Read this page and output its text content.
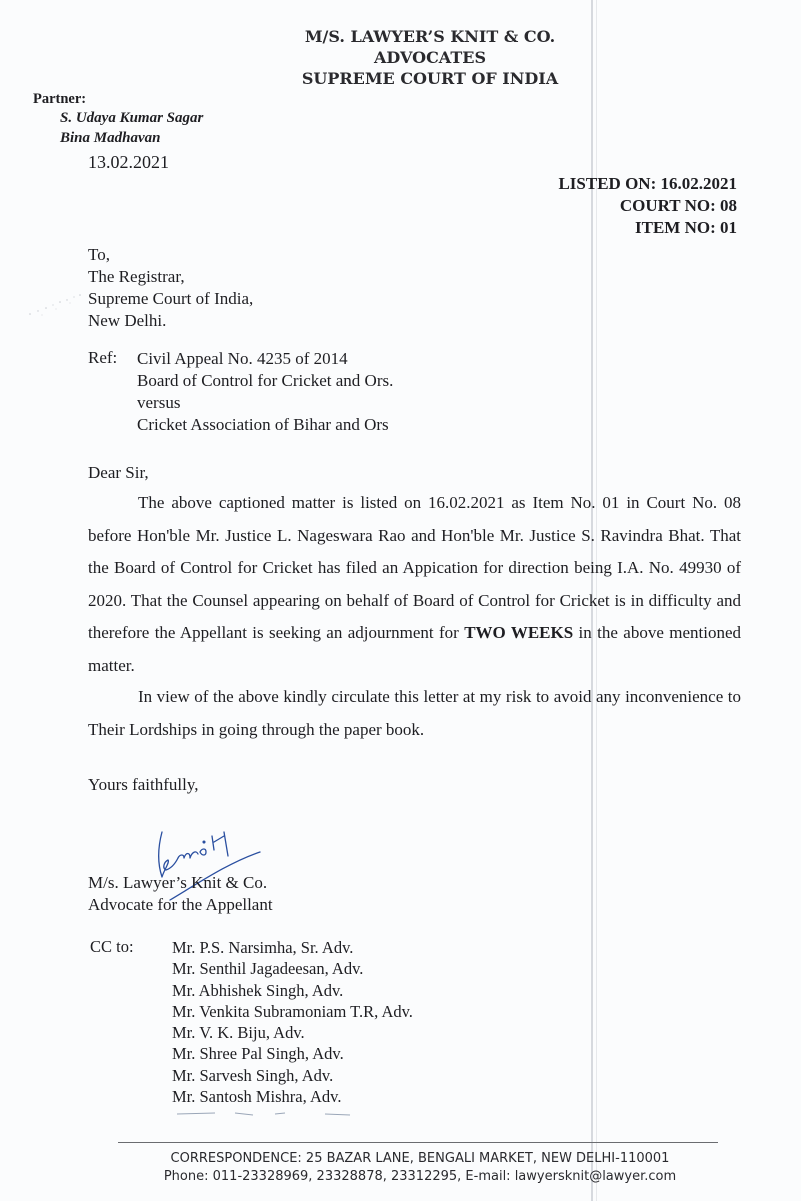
M/S. LAWYER’S KNIT & CO.
ADVOCATES
SUPREME COURT OF INDIA
Partner:
S. Udaya Kumar Sagar
Bina Madhavan
13.02.2021
LISTED ON: 16.02.2021
COURT NO: 08
ITEM NO: 01
To,
The Registrar,
Supreme Court of India,
New Delhi.
Ref: Civil Appeal No. 4235 of 2014
Board of Control for Cricket and Ors.
versus
Cricket Association of Bihar and Ors
Dear Sir,

The above captioned matter is listed on 16.02.2021 as Item No. 01 in Court No. 08 before Hon'ble Mr. Justice L. Nageswara Rao and Hon'ble Mr. Justice S. Ravindra Bhat. That the Board of Control for Cricket has filed an Appication for direction being I.A. No. 49930 of 2020. That the Counsel appearing on behalf of Board of Control for Cricket is in difficulty and therefore the Appellant is seeking an adjournment for TWO WEEKS in the above mentioned matter.

In view of the above kindly circulate this letter at my risk to avoid any inconvenience to Their Lordships in going through the paper book.

Yours faithfully,
M/s. Lawyer’s Knit & Co.
Advocate for the Appellant
CC to: Mr. P.S. Narsimha, Sr. Adv.
Mr. Senthil Jagadeesan, Adv.
Mr. Abhishek Singh, Adv.
Mr. Venkita Subramoniam T.R, Adv.
Mr. V. K. Biju, Adv.
Mr. Shree Pal Singh, Adv.
Mr. Sarvesh Singh, Adv.
Mr. Santosh Mishra, Adv.
CORRESPONDENCE: 25 BAZAR LANE, BENGALI MARKET, NEW DELHI-110001
Phone: 011-23328969, 23328878, 23312295, E-mail: lawyersknit@lawyer.com
